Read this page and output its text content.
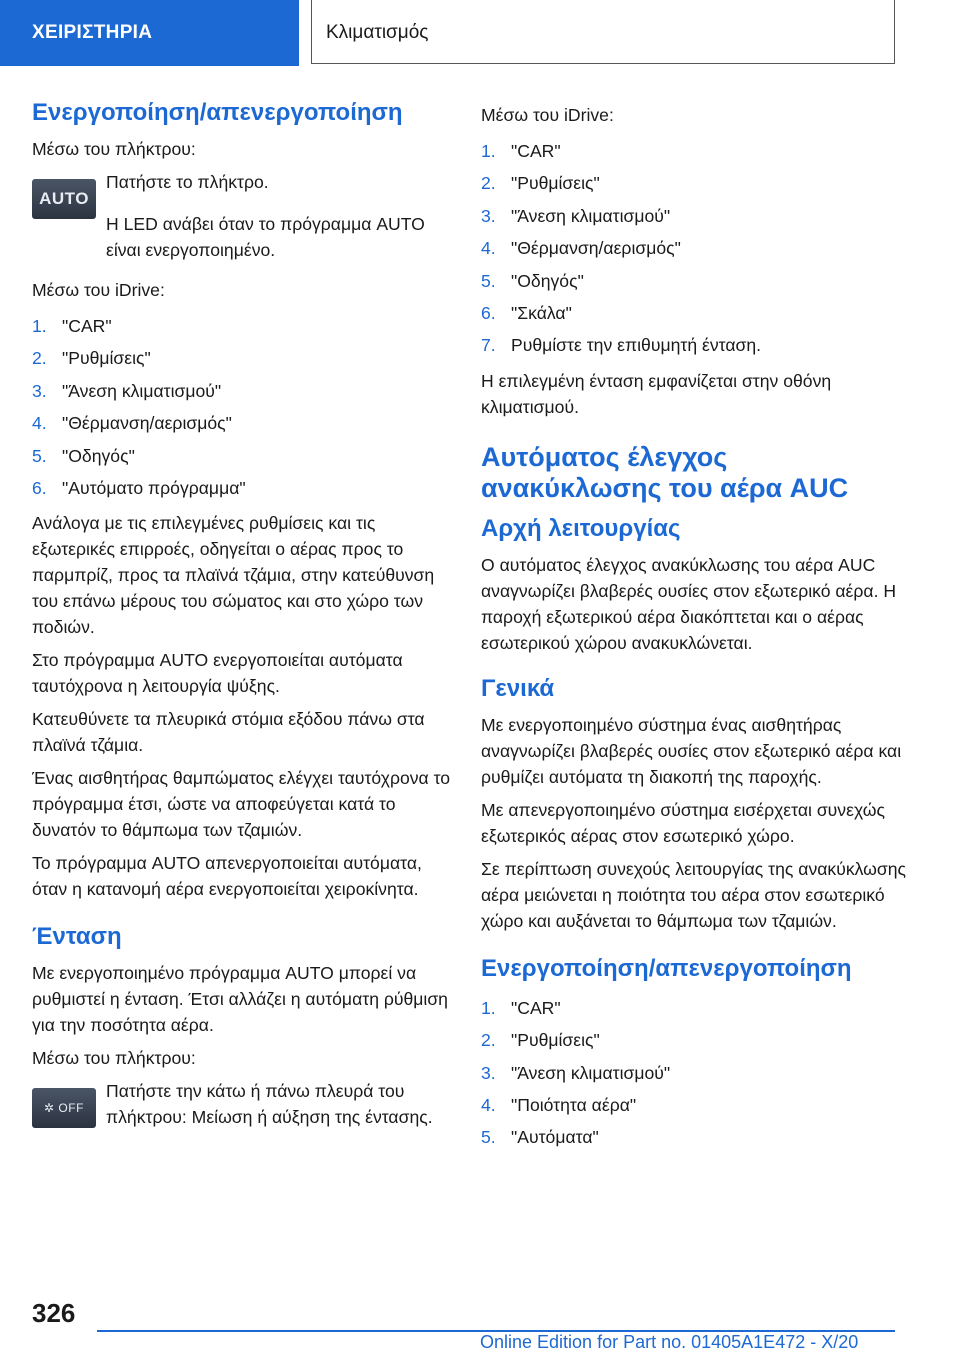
ΧΕΙΡΙΣΤΗΡΙΑ	Κλιματισμός
Ενεργοποίηση/απενεργοποίηση

Μέσω του πλήκτρου:

AUTO

Πατήστε το πλήκτρο.

Η LED ανάβει όταν το πρόγραμμα AUTO είναι ενεργοποιημένο.

Μέσω του iDrive:

1. "CAR"
2. "Ρυθμίσεις"
3. "Άνεση κλιματισμού"
4. "Θέρμανση/αερισμός"
5. "Οδηγός"
6. "Αυτόματο πρόγραμμα"

Ανάλογα με τις επιλεγμένες ρυθμίσεις και τις εξωτερικές επιρροές, οδηγείται ο αέρας προς το παρμπρίζ, προς τα πλαϊνά τζάμια, στην κατεύθυνση του επάνω μέρους του σώματος και στο χώρο των ποδιών.

Στο πρόγραμμα AUTO ενεργοποιείται αυτόματα ταυτόχρονα η λειτουργία ψύξης.

Κατευθύνετε τα πλευρικά στόμια εξόδου πάνω στα πλαϊνά τζάμια.

Ένας αισθητήρας θαμπώματος ελέγχει ταυτόχρονα το πρόγραμμα έτσι, ώστε να αποφεύγεται κατά το δυνατόν το θάμπωμα των τζαμιών.

Το πρόγραμμα AUTO απενεργοποιείται αυτόματα, όταν η κατανομή αέρα ενεργοποιείται χειροκίνητα.

Ένταση

Με ενεργοποιημένο πρόγραμμα AUTO μπορεί να ρυθμιστεί η ένταση. Έτσι αλλάζει η αυτόματη ρύθμιση για την ποσότητα αέρα.

Μέσω του πλήκτρου:

✲ OFF

Πατήστε την κάτω ή πάνω πλευρά του πλήκτρου: Μείωση ή αύξηση της έντασης.

Μέσω του iDrive:

1. "CAR"
2. "Ρυθμίσεις"
3. "Άνεση κλιματισμού"
4. "Θέρμανση/αερισμός"
5. "Οδηγός"
6. "Σκάλα"
7. Ρυθμίστε την επιθυμητή ένταση.

Η επιλεγμένη ένταση εμφανίζεται στην οθόνη κλιματισμού.

Αυτόματος έλεγχος ανακύκλωσης του αέρα AUC
Αρχή λειτουργίας

Ο αυτόματος έλεγχος ανακύκλωσης του αέρα AUC αναγνωρίζει βλαβερές ουσίες στον εξωτερικό αέρα. Η παροχή εξωτερικού αέρα διακόπτεται και ο αέρας εσωτερικού χώρου ανακυκλώνεται.

Γενικά

Με ενεργοποιημένο σύστημα ένας αισθητήρας αναγνωρίζει βλαβερές ουσίες στον εξωτερικό αέρα και ρυθμίζει αυτόματα τη διακοπή της παροχής.

Με απενεργοποιημένο σύστημα εισέρχεται συνεχώς εξωτερικός αέρας στον εσωτερικό χώρο.

Σε περίπτωση συνεχούς λειτουργίας της ανακύκλωσης αέρα μειώνεται η ποιότητα του αέρα στον εσωτερικό χώρο και αυξάνεται το θάμπωμα των τζαμιών.

Ενεργοποίηση/απενεργοποίηση
1. "CAR"
2. "Ρυθμίσεις"
3. "Άνεση κλιματισμού"
4. "Ποιότητα αέρα"
5. "Αυτόματα"
326
Online Edition for Part no. 01405A1E472 - X/20
